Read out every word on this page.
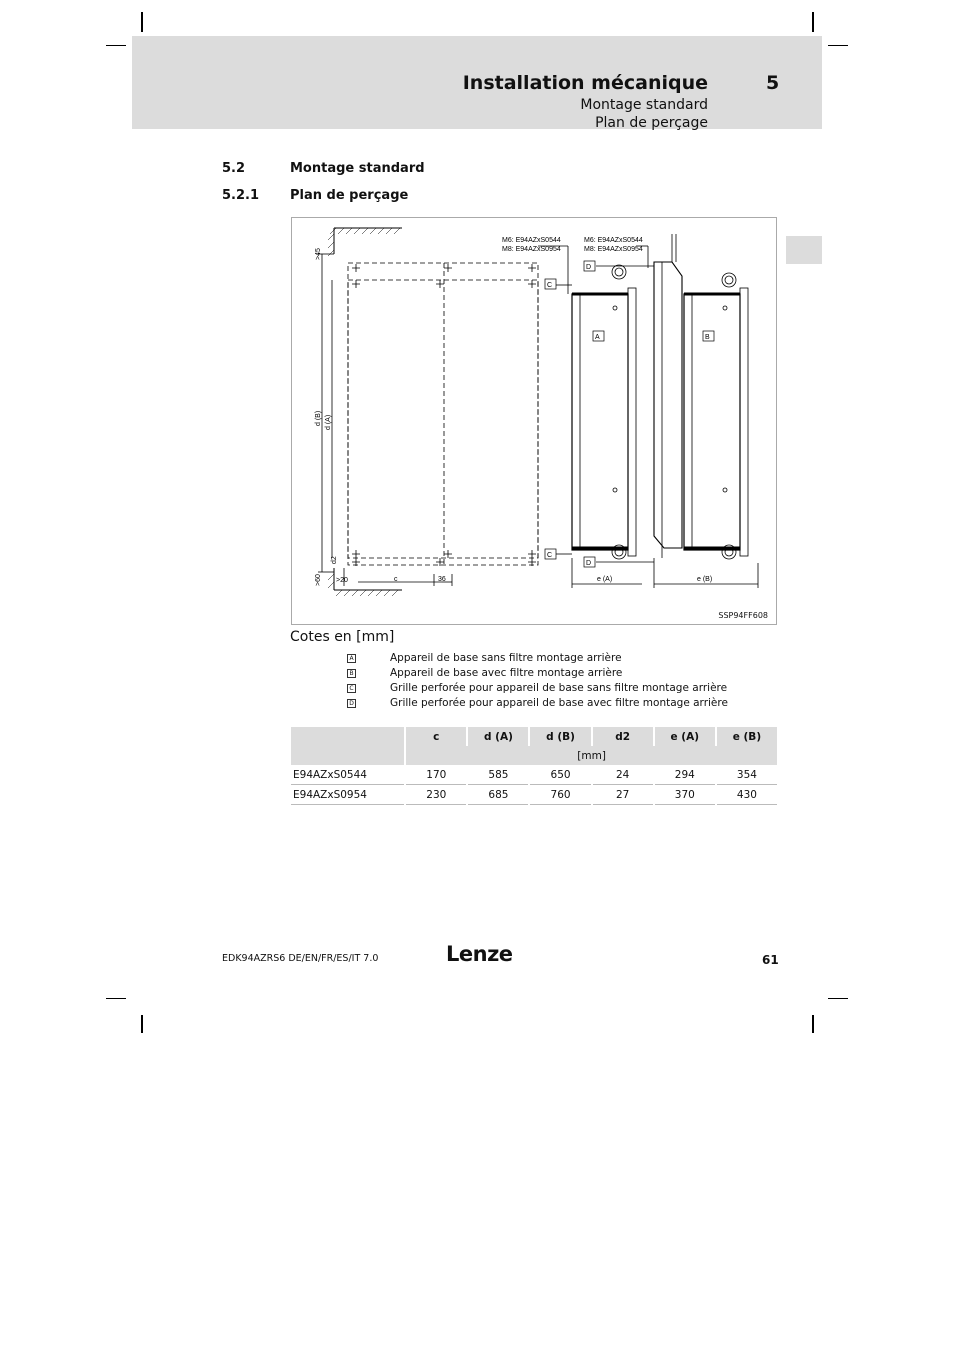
Installation mécanique	5
Montage standard
Plan de perçage
5.2	Montage standard
5.2.1 Plan de perçage
C
C
D
D
A	B
M6: E94AZxS0544
M8: E94AZxS0954
M6: E94AZxS0544
M8: E94AZxS0954
>20	c	36	e (A)	e (B)
>45
d (B) d (A)
d2
>60
SSP94FF608
Cotes en [mm]
A	Appareil de base sans filtre montage arrière
B	Appareil de base avec filtre montage arrière
C	Grille perforée pour appareil de base sans filtre montage arrière
D	Grille perforée pour appareil de base avec filtre montage arrière
	c	d (A)	d (B)	d2	e (A)	e (B)
	[mm]					
E94AZxS0544	170	585	650	24	294	354
E94AZxS0954	230	685	760	27	370	430
EDK94AZRS6 DE/EN/FR/ES/IT 7.0	Lenze	61
